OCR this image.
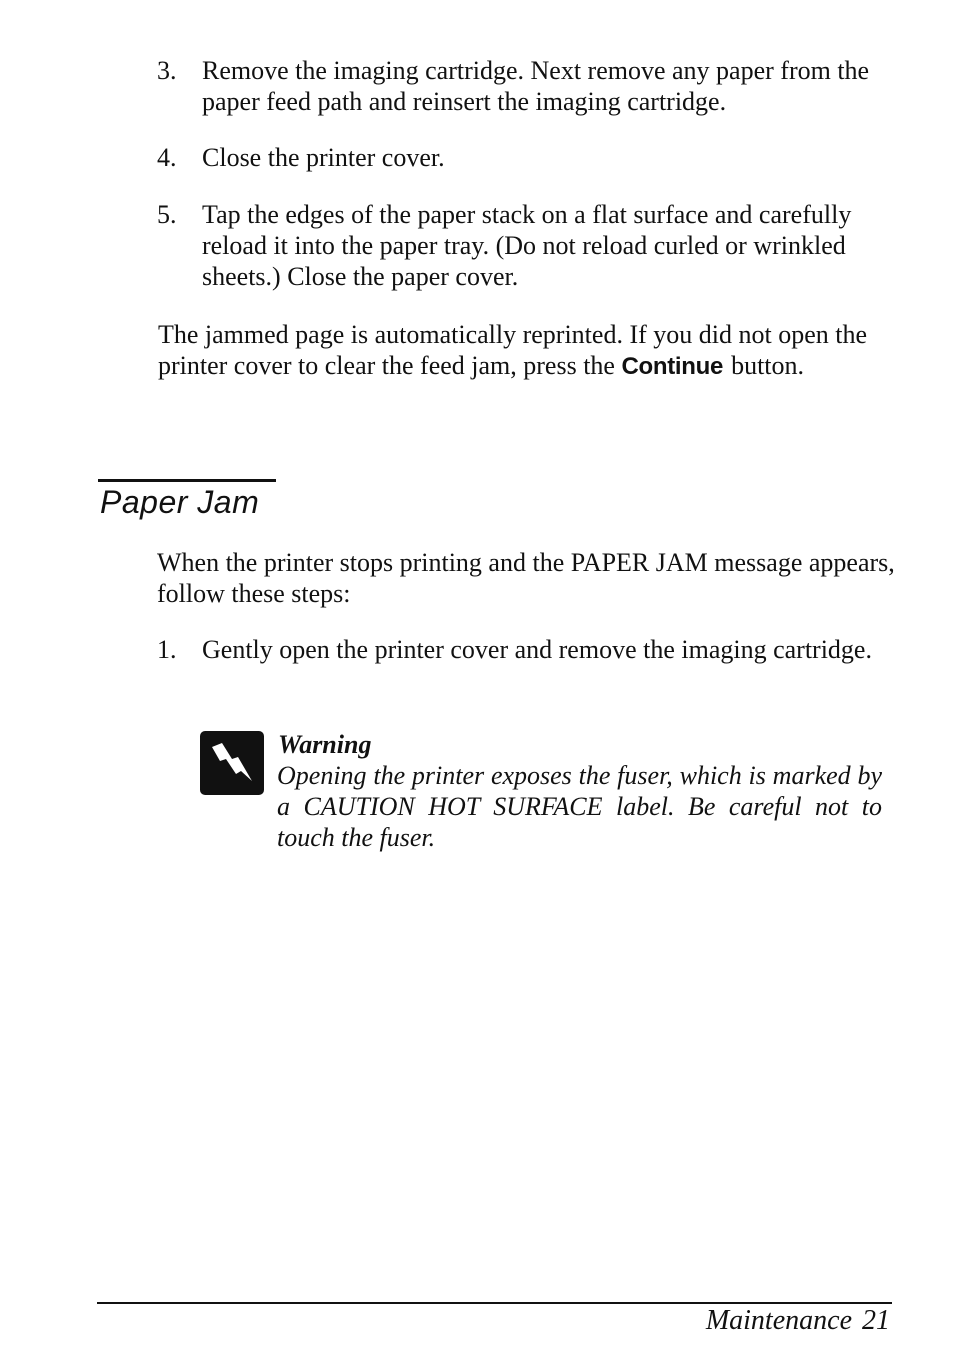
3. Remove the imaging cartridge. Next remove any paper from the paper feed path and reinsert the imaging cartridge.
4. Close the printer cover.
5. Tap the edges of the paper stack on a flat surface and carefully reload it into the paper tray. (Do not reload curled or wrinkled sheets.) Close the paper cover.
The jammed page is automatically reprinted. If you did not open the printer cover to clear the feed jam, press the Continue button.
Paper Jam
When the printer stops printing and the PAPER JAM message appears, follow these steps:
1. Gently open the printer cover and remove the imaging cartridge.
Warning
Opening the printer exposes the fuser, which is marked by a CAUTION HOT SURFACE label. Be careful not to touch the fuser.
Maintenance 21
